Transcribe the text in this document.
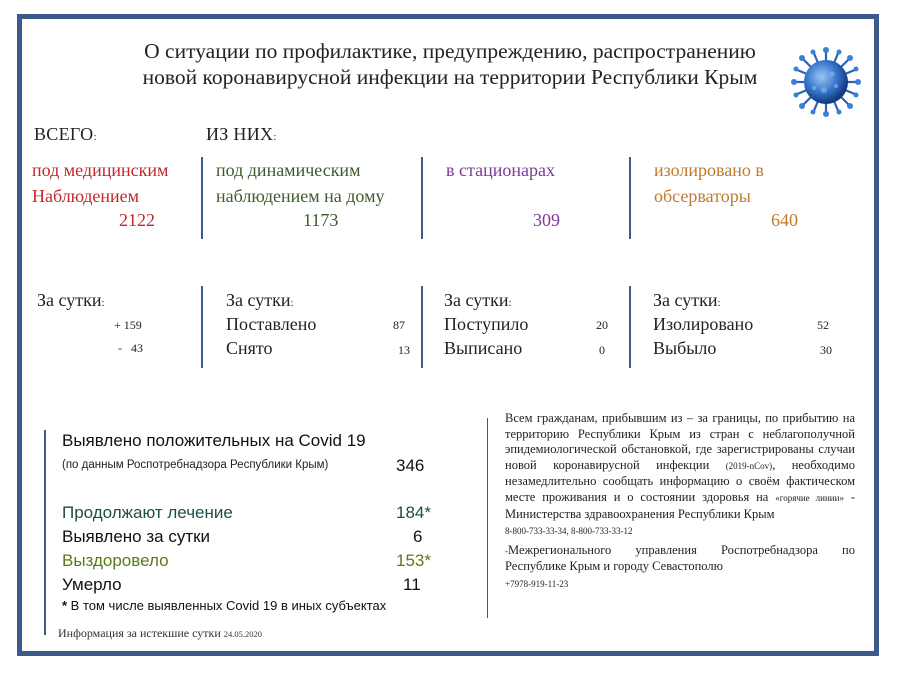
О ситуации по профилактике, предупреждению, распространению
новой коронавирусной инфекции на территории Республики Крым
ВСЕГО:	ИЗ НИХ:
под медицинским
Наблюдением
2122
под динамическим
наблюдением на дому
1173
в стационарах
309
изолировано в
обсерваторы
640
За сутки:
+ 159
-   43
За сутки:
Поставлено	87
Снято	13
За сутки:
Поступило	20
Выписано	0
За сутки:
Изолировано	52
Выбыло	30
Выявлено положительных на Covid 19
(по данным Роспотребнадзора Республики Крым)	346
Продолжают лечение	184*
Выявлено за сутки	6
Выздоровело	153*
Умерло	11
* В том числе выявленных Covid 19 в иных субъектах
Информация за истекшие сутки 24.05.2020
Всем гражданам, прибывшим из – за границы, по прибытию на территорию Республики Крым из стран с неблагополучной эпидемиологической обстановкой, где зарегистрированы случаи новой коронавирусной инфекции (2019-nCov), необходимо незамедлительно сообщать информацию о своём фактическом месте проживания и о состоянии здоровья на «горячие линии» - Министерства здравоохранения Республики Крым
8-800-733-33-34, 8-800-733-33-12
-Межрегионального управления Роспотребнадзора по Республике Крым и городу Севастополю
+7978-919-11-23
